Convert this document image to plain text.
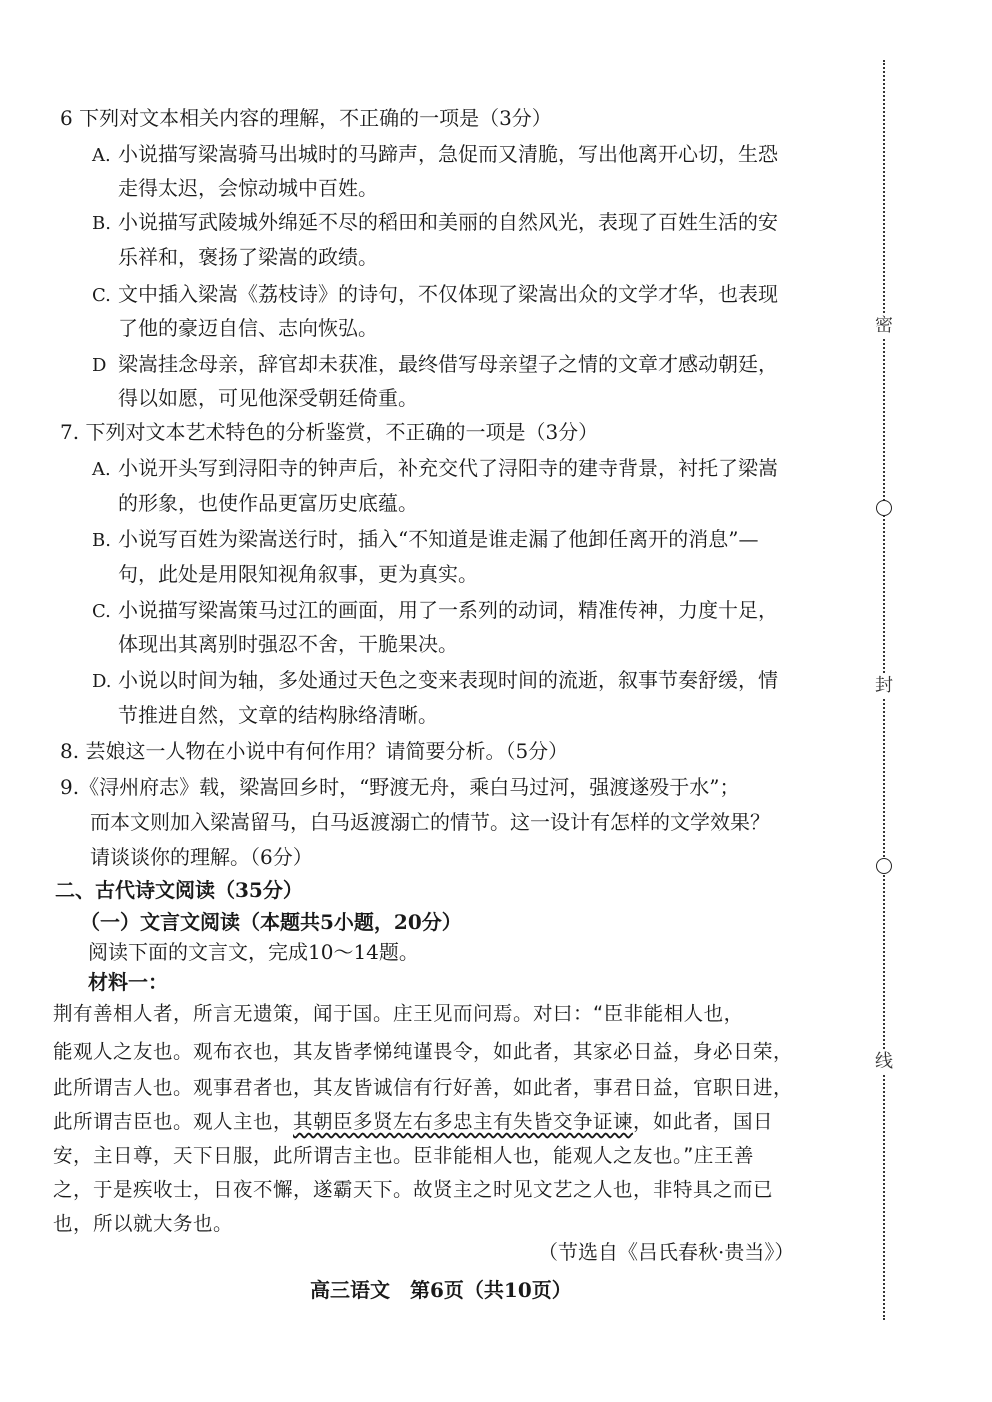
6 下列对文本相关内容的理解，不正确的一项是（3分）
A. 小说描写梁嵩骑马出城时的马蹄声，急促而又清脆，写出他离开心切，生恐
走得太迟，会惊动城中百姓。
B. 小说描写武陵城外绵延不尽的稻田和美丽的自然风光，表现了百姓生活的安
乐祥和，褒扬了梁嵩的政绩。
C. 文中插入梁嵩《荔枝诗》的诗句，不仅体现了梁嵩出众的文学才华，也表现
了他的豪迈自信、志向恢弘。
D 梁嵩挂念母亲，辞官却未获准，最终借写母亲望子之情的文章才感动朝廷，
得以如愿，可见他深受朝廷倚重。
7. 下列对文本艺术特色的分析鉴赏，不正确的一项是（3分）
A. 小说开头写到浔阳寺的钟声后，补充交代了浔阳寺的建寺背景，衬托了梁嵩
的形象，也使作品更富历史底蕴。
B. 小说写百姓为梁嵩送行时，插入“不知道是谁走漏了他卸任离开的消息”—
句，此处是用限知视角叙事，更为真实。
C. 小说描写梁嵩策马过江的画面，用了一系列的动词，精准传神，力度十足，
体现出其离别时强忍不舍，干脆果决。
D. 小说以时间为轴，多处通过天色之变来表现时间的流逝，叙事节奏舒缓，情
节推进自然，文章的结构脉络清晰。
8. 芸娘这一人物在小说中有何作用？请简要分析。（5分）
9.《浔州府志》载，梁嵩回乡时，“野渡无舟，乘白马过河，强渡遂殁于水”；
而本文则加入梁嵩留马，白马返渡溺亡的情节。这一设计有怎样的文学效果？
请谈谈你的理解。（6分）
二、古代诗文阅读（35分）
（一）文言文阅读（本题共5小题，20分）
阅读下面的文言文，完成10～14题。
材料一：
荆有善相人者，所言无遗策，闻于国。庄王见而问焉。对曰：“臣非能相人也，
能观人之友也。观布衣也，其友皆孝悌纯谨畏令，如此者，其家必日益，身必日荣，
此所谓吉人也。观事君者也，其友皆诚信有行好善，如此者，事君日益，官职日进，
此所谓吉臣也。观人主也，其朝臣多贤左右多忠主有失皆交争证谏，如此者，国日
安，主日尊，天下日服，此所谓吉主也。臣非能相人也，能观人之友也。”庄王善
之，于是疾收士，日夜不懈，遂霸天下。故贤主之时见文艺之人也，非特具之而已
也，所以就大务也。
（节选自《吕氏春秋·贵当》）
高三语文　第6页（共10页）
密
封
线
